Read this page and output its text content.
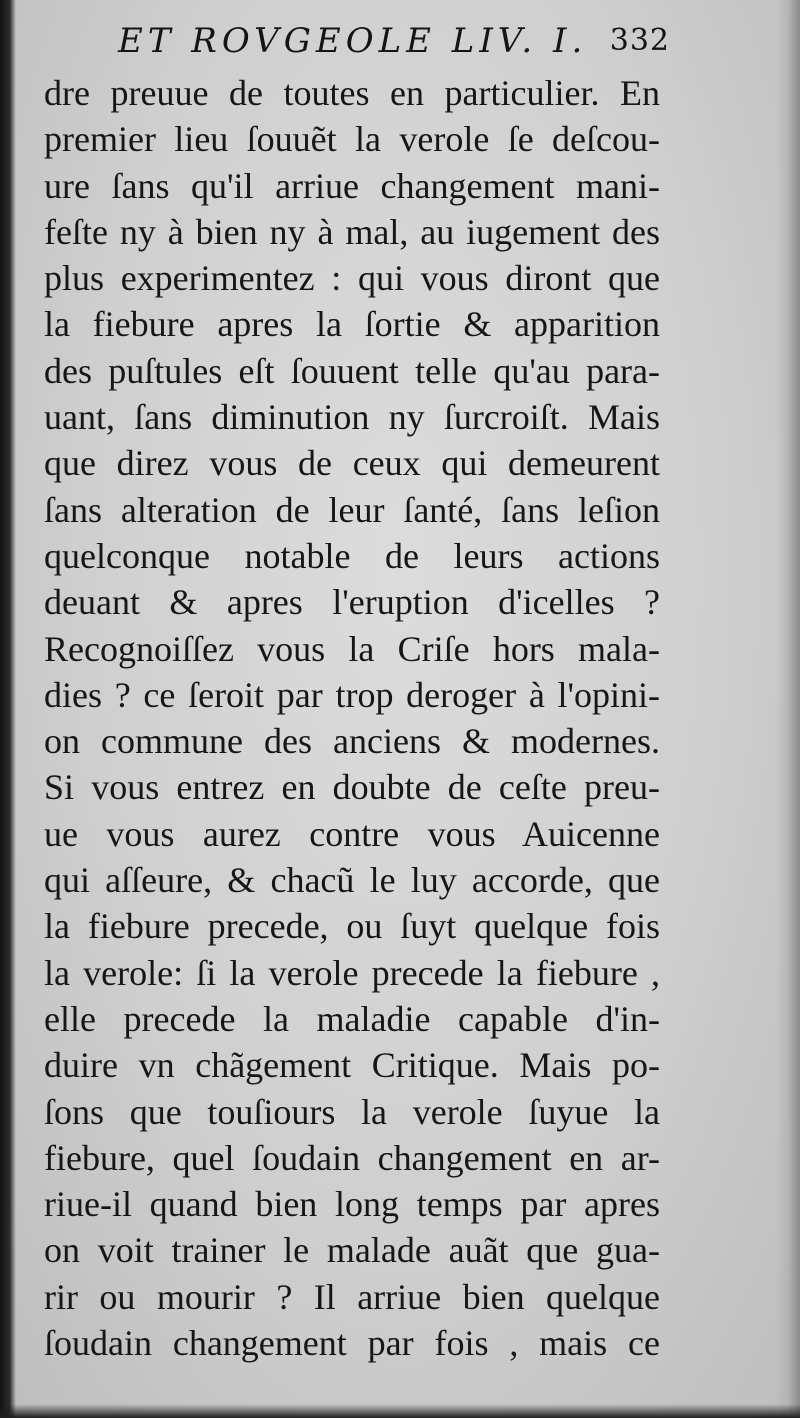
ET ROVGEOLE LIV. I. 332
dre preuue de toutes en particulier. En
premier lieu ſouuẽt la verole ſe deſcou-
ure ſans qu'il arriue changement mani-
feſte ny à bien ny à mal, au iugement des
plus experimentez : qui vous diront que
la fiebure apres la ſortie & apparition
des puſtules eſt ſouuent telle qu'au para-
uant, ſans diminution ny ſurcroiſt. Mais
que direz vous de ceux qui demeurent
ſans alteration de leur ſanté, ſans leſion
quelconque notable de leurs actions
deuant & apres l'eruption d'icelles ?
Recognoiſſez vous la Criſe hors mala-
dies ? ce ſeroit par trop deroger à l'opini-
on commune des anciens & modernes.
Si vous entrez en doubte de ceſte preu-
ue vous aurez contre vous Auicenne
qui aſſeure, & chacũ le luy accorde, que
la fiebure precede, ou ſuyt quelque fois
la verole: ſi la verole precede la fiebure ,
elle precede la maladie capable d'in-
duire vn chãgement Critique. Mais po-
ſons que touſiours la verole ſuyue la
fiebure, quel ſoudain changement en ar-
riue-il quand bien long temps par apres
on voit trainer le malade auãt que gua-
rir ou mourir ? Il arriue bien quelque
ſoudain changement par fois , mais ce
